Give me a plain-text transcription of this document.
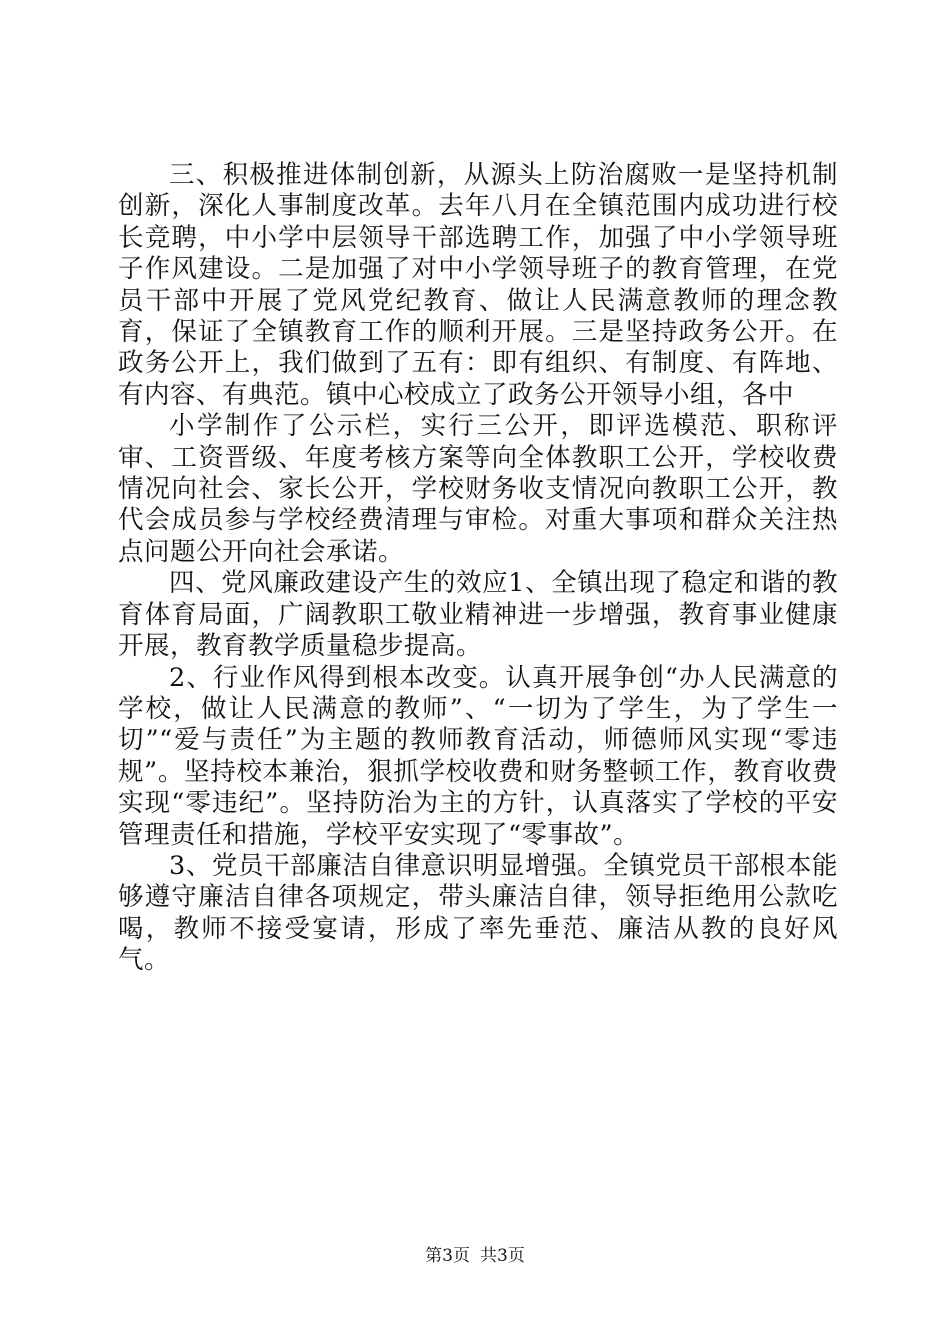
三、积极推进体制创新，从源头上防治腐败一是坚持机制创新，深化人事制度改革。去年八月在全镇范围内成功进行校长竞聘，中小学中层领导干部选聘工作，加强了中小学领导班子作风建设。二是加强了对中小学领导班子的教育管理，在党员干部中开展了党风党纪教育、做让人民满意教师的理念教育，保证了全镇教育工作的顺利开展。三是坚持政务公开。在政务公开上，我们做到了五有：即有组织、有制度、有阵地、有内容、有典范。镇中心校成立了政务公开领导小组，各中

小学制作了公示栏，实行三公开，即评选模范、职称评审、工资晋级、年度考核方案等向全体教职工公开，学校收费情况向社会、家长公开，学校财务收支情况向教职工公开，教代会成员参与学校经费清理与审检。对重大事项和群众关注热点问题公开向社会承诺。

四、党风廉政建设产生的效应1、全镇出现了稳定和谐的教育体育局面，广阔教职工敬业精神进一步增强，教育事业健康开展，教育教学质量稳步提高。

2、行业作风得到根本改变。认真开展争创“办人民满意的学校，做让人民满意的教师”、“一切为了学生，为了学生一切”“爱与责任”为主题的教师教育活动，师德师风实现“零违规”。坚持校本兼治，狠抓学校收费和财务整顿工作，教育收费实现“零违纪”。坚持防治为主的方针，认真落实了学校的平安管理责任和措施，学校平安实现了“零事故”。

3、党员干部廉洁自律意识明显增强。全镇党员干部根本能够遵守廉洁自律各项规定，带头廉洁自律，领导拒绝用公款吃喝，教师不接受宴请，形成了率先垂范、廉洁从教的良好风气。

第3页 共3页
